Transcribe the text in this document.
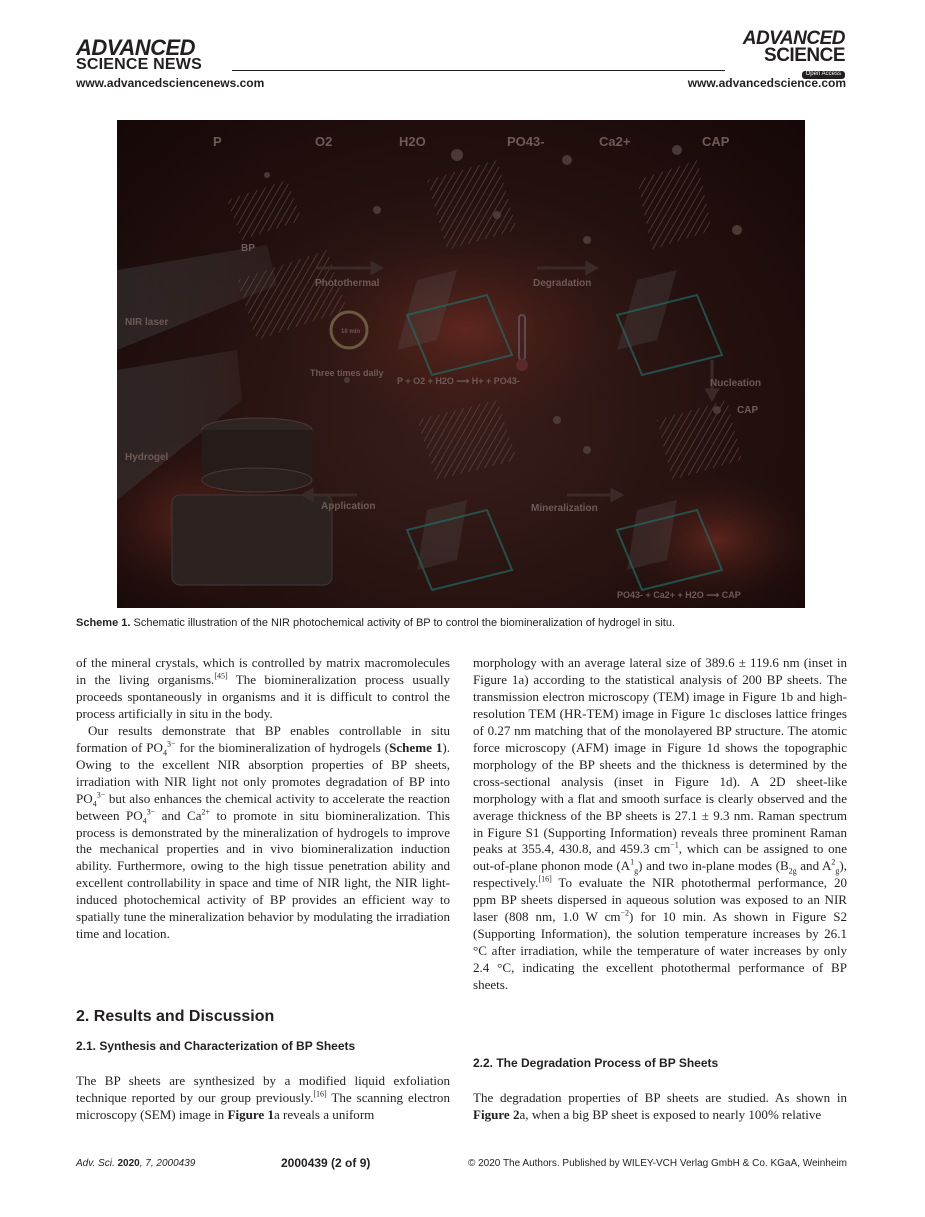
ADVANCED
SCIENCE NEWS
ADVANCED
SCIENCE
Open Access
www.advancedsciencenews.com	www.advancedscience.com
P	O2	H2O	PO43-	Ca2+	CAP
BP
NIR laser
Photothermal	Degradation
10 min
Three times daily
P + O2 + H2O ⟶ H+ + PO43-	Nucleation
CAP
Hydrogel
Application	Mineralization
PO43- + Ca2+ + H2O ⟶ CAP
Scheme 1. Schematic illustration of the NIR photochemical activity of BP to control the biomineralization of hydrogel in situ.

of the mineral crystals, which is controlled by matrix macromolecules in the living organisms.[45] The biomineralization process usually proceeds spontaneously in organisms and it is difficult to control the process artificially in situ in the body.

Our results demonstrate that BP enables controllable in situ formation of $PO_4^{3-}$ for the biomineralization of hydrogels (Scheme 1). Owing to the excellent NIR absorption properties of BP sheets, irradiation with NIR light not only promotes degradation of BP into $PO_4^{3-}$ but also enhances the chemical activity to accelerate the reaction between $PO_4^{3-}$ and $Ca^{2+}$ to promote in situ biomineralization. This process is demonstrated by the mineralization of hydrogels to improve the mechanical properties and in vivo biomineralization induction ability. Furthermore, owing to the high tissue penetration ability and excellent controllability in space and time of NIR light, the NIR light-induced photochemical activity of BP provides an efficient way to spatially tune the mineralization behavior by modulating the irradiation time and location.

2. Results and Discussion
2.1. Synthesis and Characterization of BP Sheets

The BP sheets are synthesized by a modified liquid exfoliation technique reported by our group previously.[16] The scanning electron microscopy (SEM) image in Figure 1a reveals a uniform

morphology with an average lateral size of 389.6 ± 119.6 nm (inset in Figure 1a) according to the statistical analysis of 200 BP sheets. The transmission electron microscopy (TEM) image in Figure 1b and high-resolution TEM (HR-TEM) image in Figure 1c discloses lattice fringes of 0.27 nm matching that of the monolayered BP structure. The atomic force microscopy (AFM) image in Figure 1d shows the topographic morphology of the BP sheets and the thickness is determined by the cross-sectional analysis (inset in Figure 1d). A 2D sheet-like morphology with a flat and smooth surface is clearly observed and the average thickness of the BP sheets is 27.1 ± 9.3 nm. Raman spectrum in Figure S1 (Supporting Information) reveals three prominent Raman peaks at 355.4, 430.8, and 459.3 $cm^{-1}$, which can be assigned to one out-of-plane phonon mode $(A^1_g)$ and two in-plane modes ($B_{2g}$ and $A^2_g$), respectively.[16] To evaluate the NIR photothermal performance, 20 ppm BP sheets dispersed in aqueous solution was exposed to an NIR laser (808 nm, 1.0 W $cm^{-2}$) for 10 min. As shown in Figure S2 (Supporting Information), the solution temperature increases by 26.1 °C after irradiation, while the temperature of water increases by only 2.4 °C, indicating the excellent photothermal performance of BP sheets.

2.2. The Degradation Process of BP Sheets

The degradation properties of BP sheets are studied. As shown in Figure 2a, when a big BP sheet is exposed to nearly 100% relative

Adv. Sci. 2020, 7, 2000439	2000439 (2 of 9)	© 2020 The Authors. Published by WILEY-VCH Verlag GmbH & Co. KGaA, Weinheim
